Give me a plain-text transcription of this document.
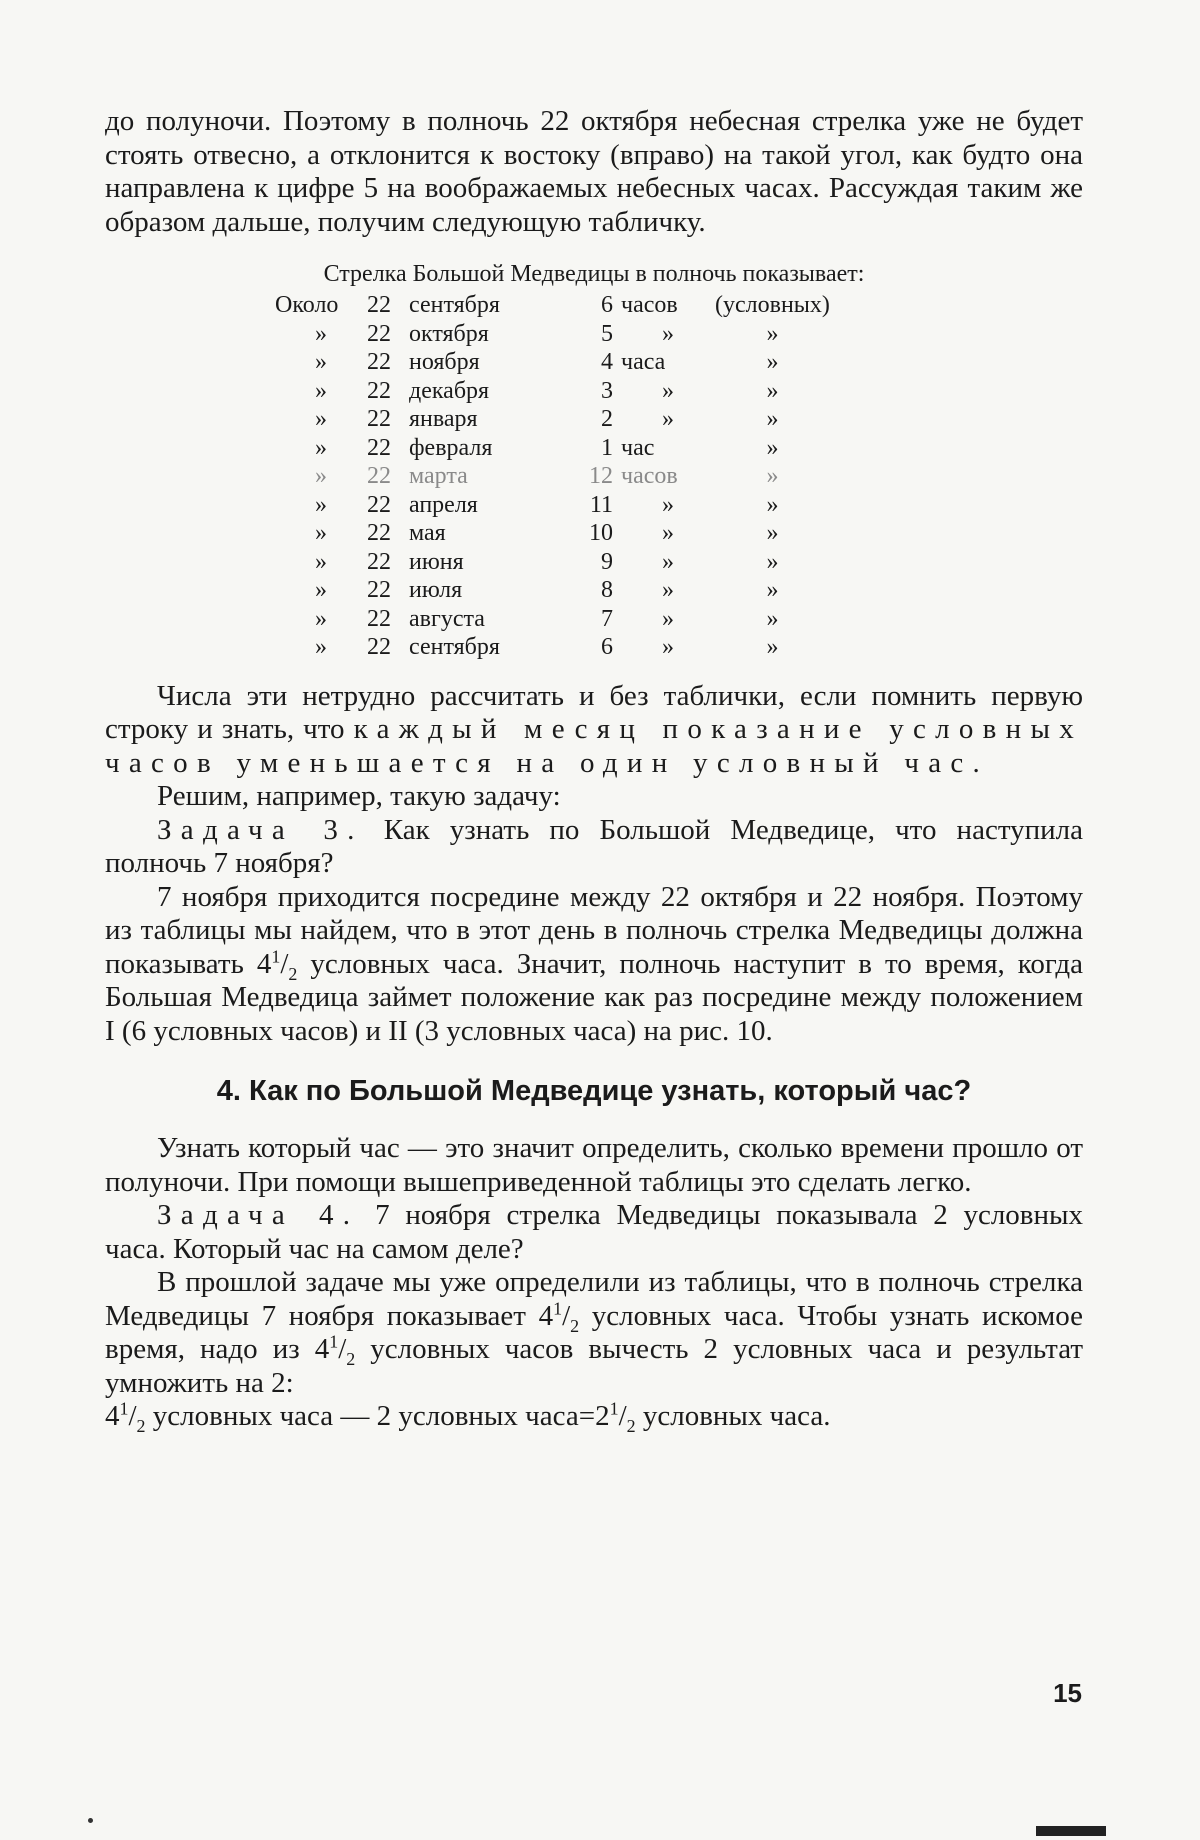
до полуночи. Поэтому в полночь 22 октября небесная стрелка уже не будет стоять отвесно, а отклонится к востоку (вправо) на такой угол, как будто она направлена к цифре 5 на воображаемых небесных часах. Рассуждая таким же образом дальше, получим следующую табличку.

Стрелка Большой Медведицы в полночь показывает:
Около	22	сентября	6	часов	(условных)
»	22	октября	5	»	»
»	22	ноября	4	часа	»
»	22	декабря	3	»	»
»	22	января	2	»	»
»	22	февраля	1	час	»
»	22	марта	12	часов	»
»	22	апреля	11	»	»
»	22	мая	10	»	»
»	22	июня	9	»	»
»	22	июля	8	»	»
»	22	августа	7	»	»
»	22	сентября	6	»	»

Числа эти нетрудно рассчитать и без таблички, если помнить первую строку и знать, что каждый месяц показание условных часов уменьшается на один условный час.

Решим, например, такую задачу:

Задача 3. Как узнать по Большой Медведице, что наступила полночь 7 ноября?

7 ноября приходится посредине между 22 октября и 22 ноября. Поэтому из таблицы мы найдем, что в этот день в полночь стрелка Медведицы должна показывать $4^1/_2$ условных часа. Значит, полночь наступит в то время, когда Большая Медведица займет положение как раз посредине между положением I (6 условных часов) и II (3 условных часа) на рис. 10.

4. Как по Большой Медведице узнать, который час?

Узнать который час — это значит определить, сколько времени прошло от полуночи. При помощи вышеприведенной таблицы это сделать легко.

Задача 4. 7 ноября стрелка Медведицы показывала 2 условных часа. Который час на самом деле?

В прошлой задаче мы уже определили из таблицы, что в полночь стрелка Медведицы 7 ноября показывает $4^1/_2$ условных часа. Чтобы узнать искомое время, надо из $4^1/_2$ условных часов вычесть 2 условных часа и результат умножить на 2:

$4^1/_2$ условных часа — 2 условных $часа=2^1/_2$ условных часа.

15
